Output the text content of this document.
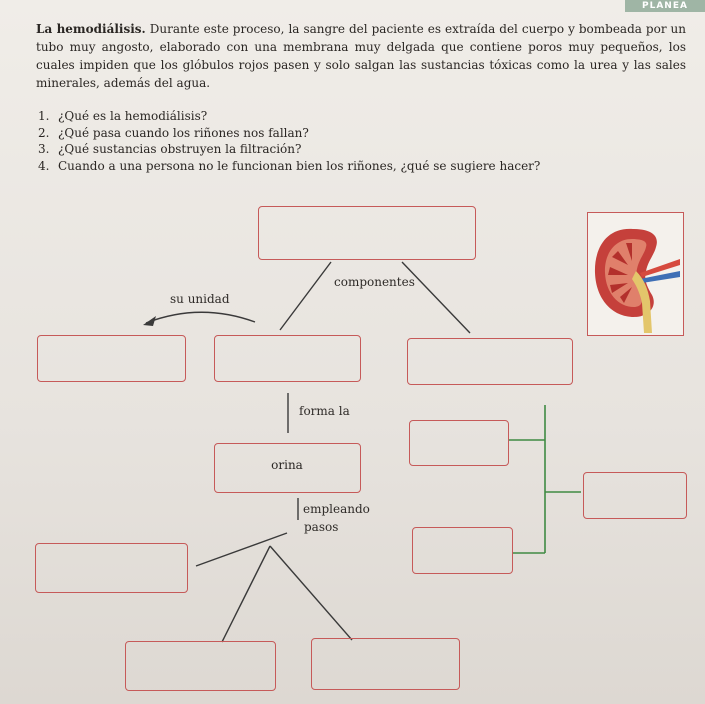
PLANEA
La hemodiálisis. Durante este proceso, la sangre del paciente es extraída del cuerpo y bombeada por un tubo muy angosto, elaborado con una membrana muy delgada que contiene poros muy pequeños, los cuales impiden que los glóbulos rojos pasen y solo salgan las sustancias tóxicas como la urea y las sales minerales, además del agua.
1. ¿Qué es la hemodiálisis?
2. ¿Qué pasa cuando los riñones nos fallan?
3. ¿Qué sustancias obstruyen la filtración?
4. Cuando a una persona no le funcionan bien los riñones, ¿qué se sugiere hacer?
orina
componentes
su unidad
forma la
empleando
pasos
